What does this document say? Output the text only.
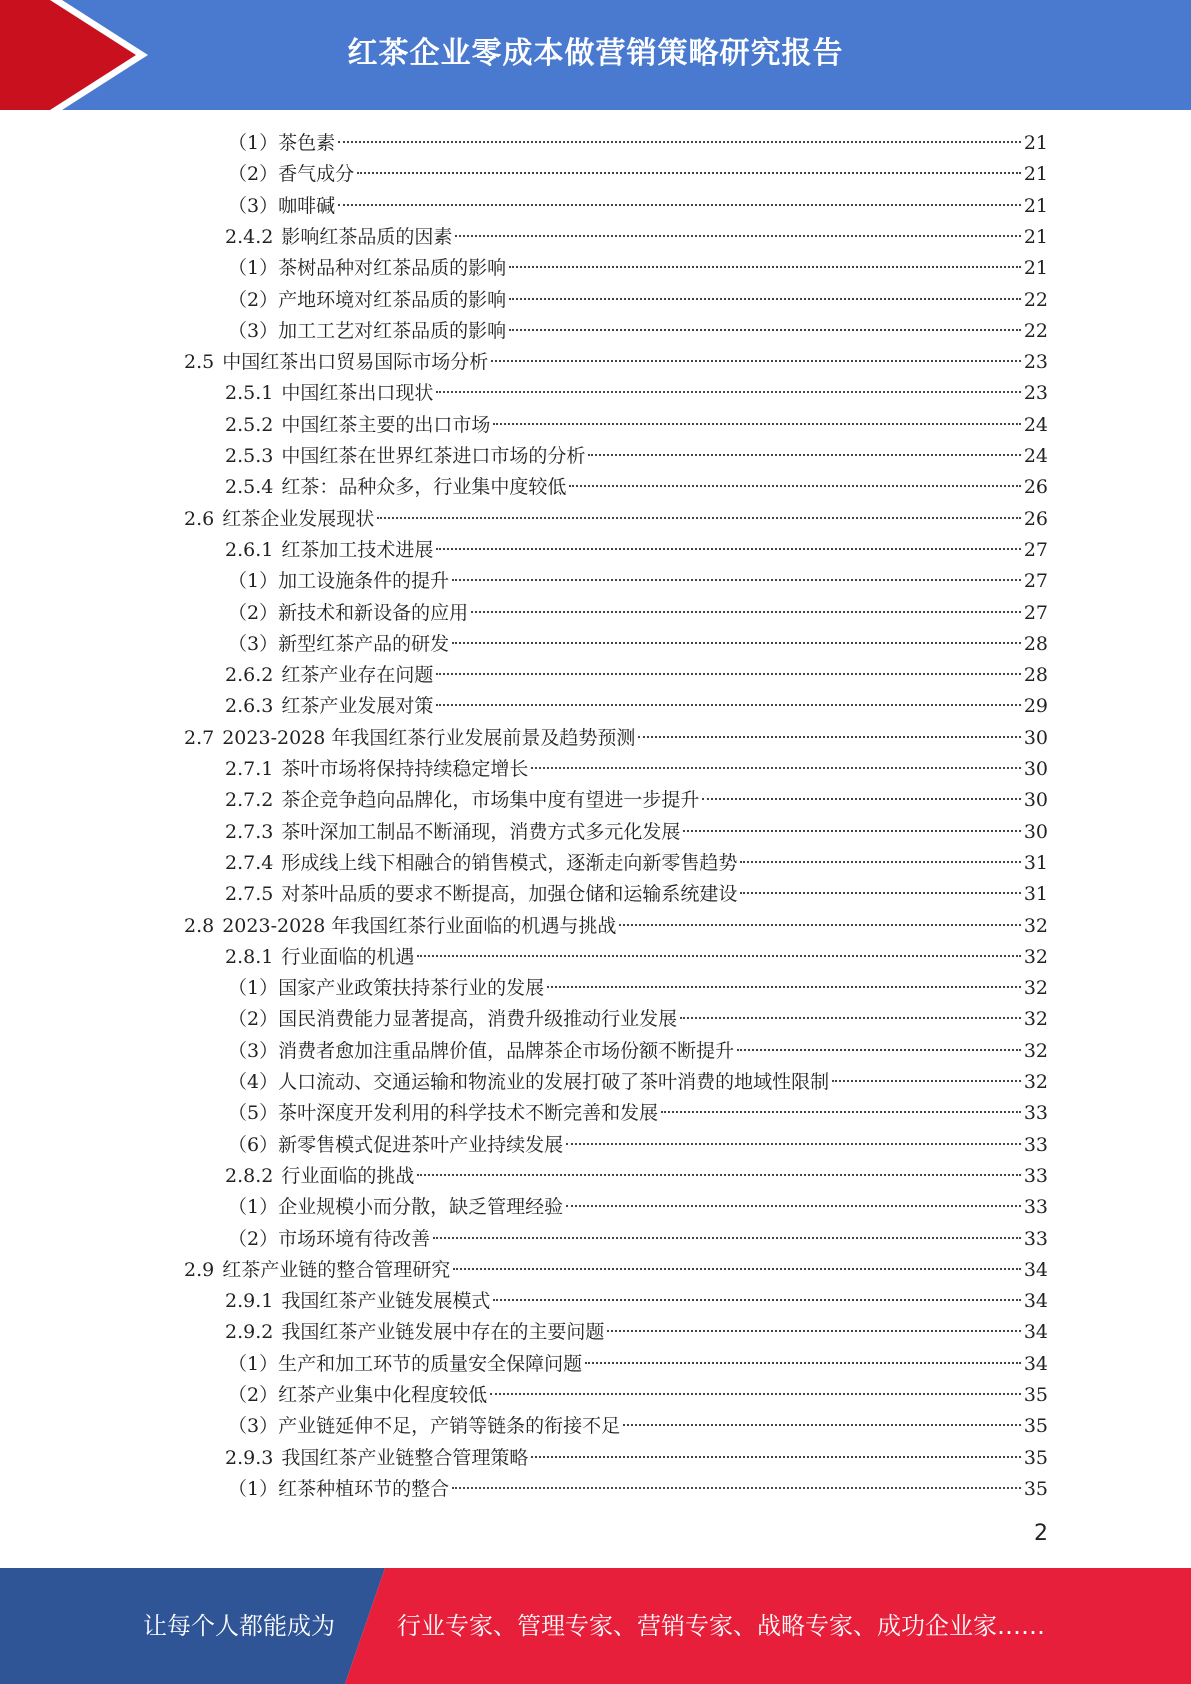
红茶企业零成本做营销策略研究报告
（1） 茶色素	21
（2） 香气成分	21
（3） 咖啡碱	21
2.4.2 影响红茶品质的因素	21
（1） 茶树品种对红茶品质的影响	21
（2） 产地环境对红茶品质的影响	22
（3） 加工工艺对红茶品质的影响	22
2.5 中国红茶出口贸易国际市场分析	23
2.5.1 中国红茶出口现状	23
2.5.2 中国红茶主要的出口市场	24
2.5.3 中国红茶在世界红茶进口市场的分析	24
2.5.4 红茶：品种众多，行业集中度较低	26
2.6 红茶企业发展现状	26
2.6.1 红茶加工技术进展	27
（1） 加工设施条件的提升	27
（2） 新技术和新设备的应用	27
（3） 新型红茶产品的研发	28
2.6.2 红茶产业存在问题	28
2.6.3 红茶产业发展对策	29
2.7 2023-2028 年我国红茶行业发展前景及趋势预测	30
2.7.1 茶叶市场将保持持续稳定增长	30
2.7.2 茶企竞争趋向品牌化，市场集中度有望进一步提升	30
2.7.3 茶叶深加工制品不断涌现，消费方式多元化发展	30
2.7.4 形成线上线下相融合的销售模式，逐渐走向新零售趋势	31
2.7.5 对茶叶品质的要求不断提高，加强仓储和运输系统建设	31
2.8 2023-2028 年我国红茶行业面临的机遇与挑战	32
2.8.1 行业面临的机遇	32
（1） 国家产业政策扶持茶行业的发展	32
（2） 国民消费能力显著提高，消费升级推动行业发展	32
（3） 消费者愈加注重品牌价值，品牌茶企市场份额不断提升	32
（4） 人口流动、交通运输和物流业的发展打破了茶叶消费的地域性限制	32
（5） 茶叶深度开发利用的科学技术不断完善和发展	33
（6） 新零售模式促进茶叶产业持续发展	33
2.8.2 行业面临的挑战	33
（1） 企业规模小而分散，缺乏管理经验	33
（2） 市场环境有待改善	33
2.9 红茶产业链的整合管理研究	34
2.9.1 我国红茶产业链发展模式	34
2.9.2 我国红茶产业链发展中存在的主要问题	34
（1） 生产和加工环节的质量安全保障问题	34
（2） 红茶产业集中化程度较低	35
（3） 产业链延伸不足，产销等链条的衔接不足	35
2.9.3 我国红茶产业链整合管理策略	35
（1） 红茶种植环节的整合	35
2
让每个人都能成为	行业专家、管理专家、营销专家、战略专家、成功企业家……
